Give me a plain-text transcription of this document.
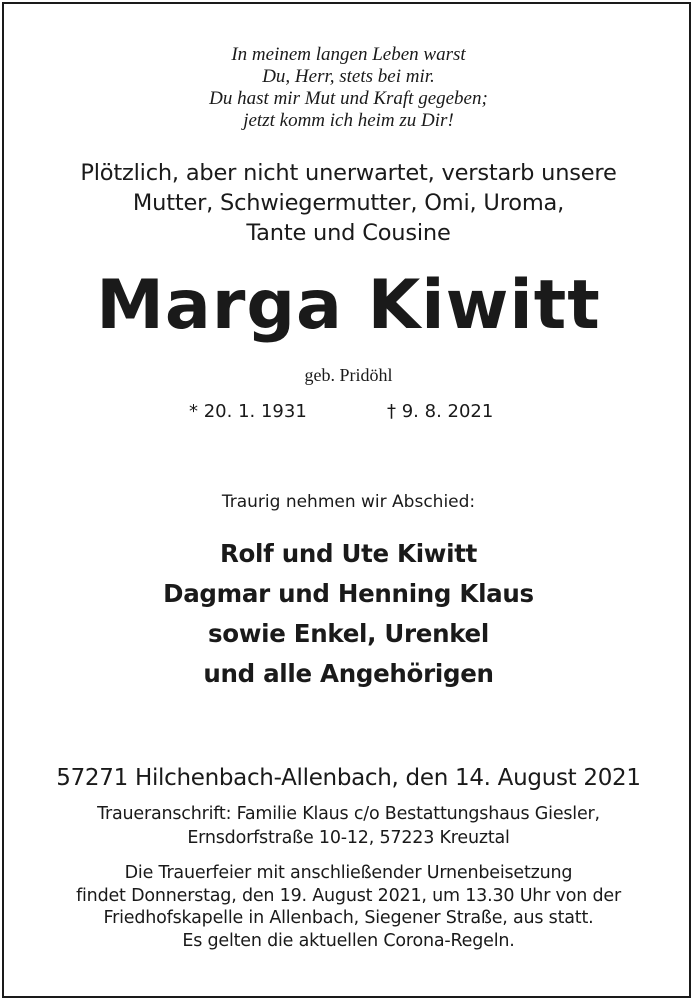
In meinem langen Leben warst
Du, Herr, stets bei mir.
Du hast mir Mut und Kraft gegeben;
jetzt komm ich heim zu Dir!
Plötzlich, aber nicht unerwartet, verstarb unsere
Mutter, Schwiegermutter, Omi, Uroma,
Tante und Cousine
Marga Kiwitt
geb. Pridöhl
* 20. 1. 1931	† 9. 8. 2021
Traurig nehmen wir Abschied:
Rolf und Ute Kiwitt
Dagmar und Henning Klaus
sowie Enkel, Urenkel
und alle Angehörigen
57271 Hilchenbach-Allenbach, den 14. August 2021
Traueranschrift: Familie Klaus c/o Bestattungshaus Giesler,
Ernsdorfstraße 10-12, 57223 Kreuztal
Die Trauerfeier mit anschließender Urnenbeisetzung
findet Donnerstag, den 19. August 2021, um 13.30 Uhr von der
Friedhofskapelle in Allenbach, Siegener Straße, aus statt.
Es gelten die aktuellen Corona-Regeln.
